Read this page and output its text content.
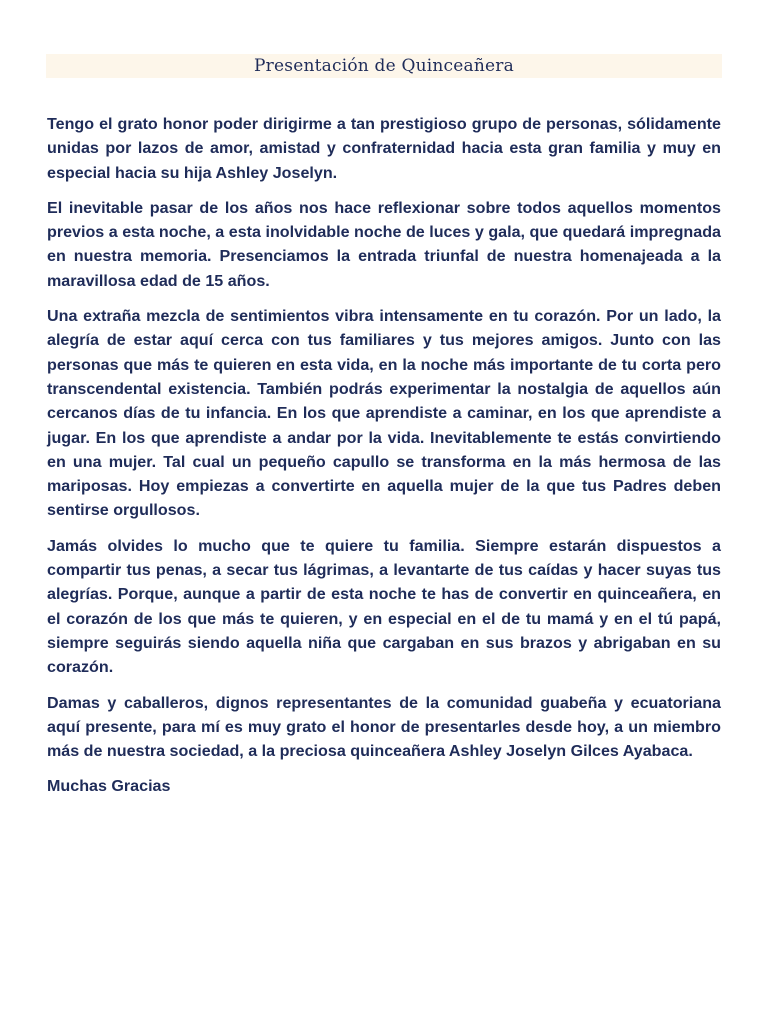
Presentación de Quinceañera

Tengo el grato honor poder dirigirme a tan prestigioso grupo de personas, sólidamente unidas por lazos de amor, amistad y confraternidad hacia esta gran familia y muy en especial hacia su hija Ashley Joselyn.

El inevitable pasar de los años nos hace reflexionar sobre todos aquellos momentos previos a esta noche, a esta inolvidable noche de luces y gala, que quedará impregnada en nuestra memoria. Presenciamos la entrada triunfal de nuestra homenajeada a la maravillosa edad de 15 años.

Una extraña mezcla de sentimientos vibra intensamente en tu corazón. Por un lado, la alegría de estar aquí cerca con tus familiares y tus mejores amigos. Junto con las personas que más te quieren en esta vida, en la noche más importante de tu corta pero transcendental existencia. También podrás experimentar la nostalgia de aquellos aún cercanos días de tu infancia. En los que aprendiste a caminar, en los que aprendiste a jugar. En los que aprendiste a andar por la vida. Inevitablemente te estás convirtiendo en una mujer. Tal cual un pequeño capullo se transforma en la más hermosa de las mariposas. Hoy empiezas a convertirte en aquella mujer de la que tus Padres deben sentirse orgullosos.

Jamás olvides lo mucho que te quiere tu familia. Siempre estarán dispuestos a compartir tus penas, a secar tus lágrimas, a levantarte de tus caídas y hacer suyas tus alegrías. Porque, aunque a partir de esta noche te has de convertir en quinceañera, en el corazón de los que más te quieren, y en especial en el de tu mamá y en el tú papá, siempre seguirás siendo aquella niña que cargaban en sus brazos y abrigaban en su corazón.

Damas y caballeros, dignos representantes de la comunidad guabeña y ecuatoriana aquí presente, para mí es muy grato el honor de presentarles desde hoy, a un miembro más de nuestra sociedad, a la preciosa quinceañera Ashley Joselyn Gilces Ayabaca.

Muchas Gracias
